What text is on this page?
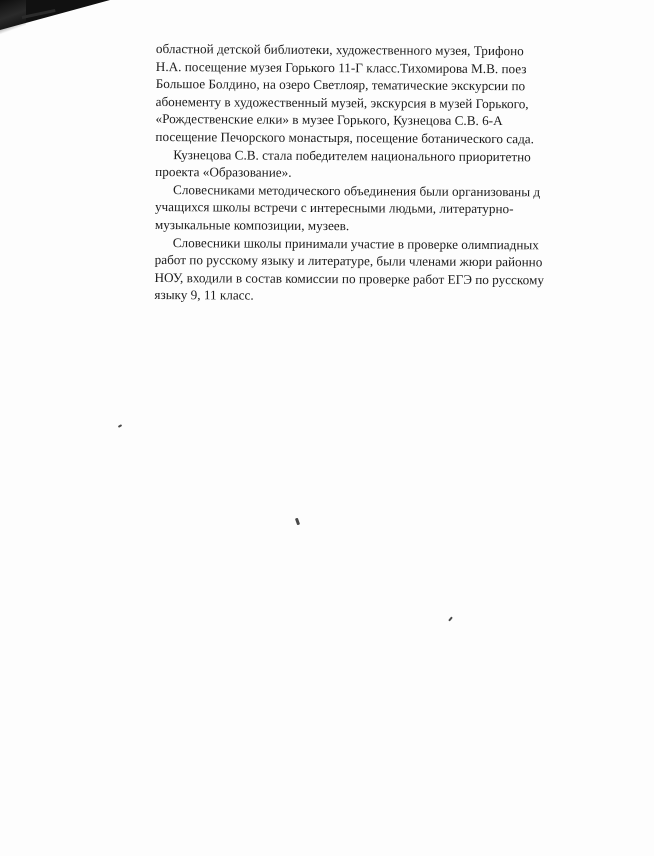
областной детской библиотеки, художественного музея, Трифоно
Н.А. посещение музея Горького 11-Г класс.Тихомирова М.В. поез
Большое Болдино, на озеро Светлояр, тематические экскурсии по
абонементу в художественный музей, экскурсия в музей Горького,
«Рождественские елки» в музее Горького, Кузнецова С.В. 6-А
посещение Печорского монастыря, посещение ботанического сада.
Кузнецова С.В. стала победителем национального приоритетно
проекта «Образование».
Словесниками методического объединения были организованы д
учащихся школы встречи с интересными людьми, литературно-
музыкальные композиции, музеев.
Словесники школы принимали участие в проверке олимпиадных
работ по русскому языку и литературе, были членами жюри районно
НОУ, входили в состав комиссии по проверке работ ЕГЭ по русскому
языку 9, 11 класс.
